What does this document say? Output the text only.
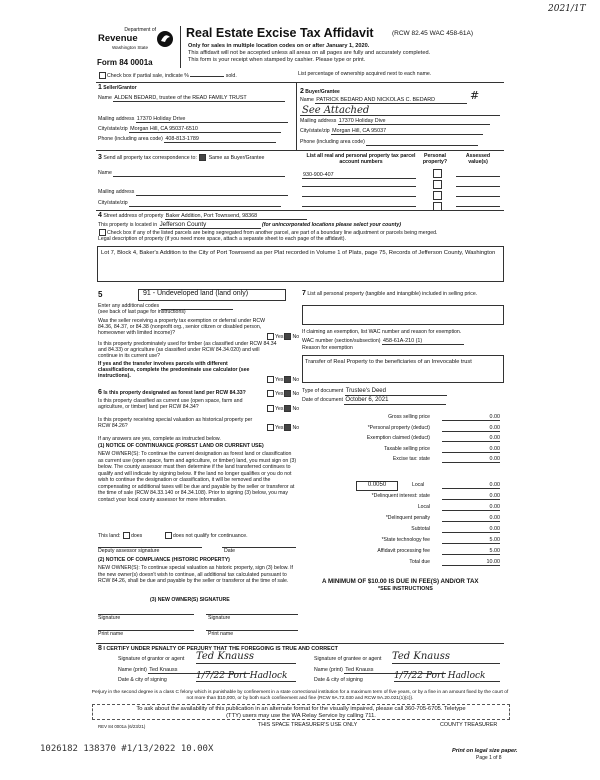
2021/1T
Department of
Revenue
Washington State
Form 84 0001a
Real Estate Excise Tax Affidavit	(RCW 82.45 WAC 458-61A)
Only for sales in multiple location codes on or after January 1, 2020.
This affidavit will not be accepted unless all areas on all pages are fully and accurately completed.
This form is your receipt when stamped by cashier. Please type or print.
Check box if partial sale, indicate %	sold.	List percentage of ownership acquired next to each name.
1 Seller/Grantor
Name ALDEN BEDARD, trustee of the READ FAMILY TRUST
Mailing address 17370 Holiday Drive
City/state/zip Morgan Hill, CA 95037-6510
Phone (including area code) 408-813-1789
2 Buyer/Grantee
Name PATRICK BEDARD AND NICKOLAS C. BEDARD	#
See Attached
Mailing address 17370 Holiday Dive
City/state/zip Morgan Hill, CA 95037
Phone (including area code)
3 Send all property tax correspondence to: Same as Buyer/Grantee
Name
Mailing address
City/state/zip
List all real and personal property tax parcel account numbers
Personal property?
Assessed value(s)
930-900-407
4 Street address of property Baker Addition, Port Townsend, 98368
This property is located in Jefferson County	(for unincorporated locations please select your county)
Check box if any of the listed parcels are being segregated from another parcel, are part of a boundary line adjustment or parcels being merged.
Legal description of property (if you need more space, attach a separate sheet to each page of the affidavit).
Lot 7, Block 4, Baker's Addition to the City of Port Townsend as per Plat recorded in Volume 1 of Plats, page 75, Records of Jefferson County, Washington
5	91 - Undeveloped land (land only)
Enter any additional codes
(see back of last page for instructions)
Was the seller receiving a property tax exemption or deferral under RCW 84.36, 84.37, or 84.38 (nonprofit org., senior citizen or disabled person, homeowner with limited income)?
Yes No
Is this property predominately used for timber (as classified under RCW 84.34 and 84.33) or agriculture (as classified under RCW 84.34.020) and will continue in its current use?
If yes and the transfer involves parcels with different classifications, complete the predominate use calculator (see instructions).
Yes No
6 Is this property designated as forest land per RCW 84.33?	Yes No
Is this property classified as current use (open space, farm and agriculture, or timber) land per RCW 84.34?	Yes No
Is this property receiving special valuation as historical property per RCW 84.26?	Yes No
If any answers are yes, complete as instructed below.
(1) NOTICE OF CONTINUANCE (FOREST LAND OR CURRENT USE)
NEW OWNER(S): To continue the current designation as forest land or classification as current use (open space, farm and agriculture, or timber) land, you must sign on (3) below. The county assessor must then determine if the land transferred continues to qualify and will indicate by signing below. If the land no longer qualifies or you do not wish to continue the designation or classification, it will be removed and the compensating or additional taxes will be due and payable by the seller or transferor at the time of sale (RCW 84.33.140 or 84.34.108). Prior to signing (3) below, you may contact your local county assessor for more information.
This land: does	does not qualify for continuance.
Deputy assessor signature	Date
(2) NOTICE OF COMPLIANCE (HISTORIC PROPERTY)
NEW OWNER(S): To continue special valuation as historic property, sign (3) below. If the new owner(s) doesn't wish to continue, all additional tax calculated pursuant to RCW 84.26, shall be due and payable by the seller or transferor at the time of sale.
(3) NEW OWNER(S) SIGNATURE
Signature	Signature
Print name	Print name
7 List all personal property (tangible and intangible) included in selling price.
If claiming an exemption, list WAC number and reason for exemption.
WAC number (section/subsection) 458-61A-210 (1)
Reason for exemption
Transfer of Real Property to the beneficiaries of an Irrevocable trust
Type of document Trustee's Deed
Date of document October 6, 2021
Gross selling price	0.00
*Personal property (deduct)	0.00
Exemption claimed (deduct)	0.00
Taxable selling price	0.00
Excise tax: state	0.00
*Delinquent interest: state	0.00
Local	0.00
*Delinquent penalty	0.00
Subtotal	0.00
*State technology fee	5.00
Affidavit processing fee	5.00
Total due	10.00
0.0050	Local	0.00
A MINIMUM OF $10.00 IS DUE IN FEE(S) AND/OR TAX
*SEE INSTRUCTIONS
8 I CERTIFY UNDER PENALTY OF PERJURY THAT THE FOREGOING IS TRUE AND CORRECT
Signature of grantor or agent Ted Knauss
Name (print) Ted Knauss
Date & city of signing	1/7/22 Port Hadlock
Signature of grantee or agent Ted Knauss
Name (print) Ted Knauss
Date & city of signing	1/7/22 Port Hadlock
Perjury in the second degree is a class C felony which is punishable by confinement in a state correctional institution for a maximum term of five years, or by a fine in an amount fixed by the court of not more than $10,000, or by both such confinement and fine (RCW 9A.72.030 and RCW 9A.20.021(1)(c)).
To ask about the availability of this publication in an alternate format for the visually impaired, please call 360-705-6705. Teletype
(TTY) users may use the WA Relay Service by calling 711.
REV 84 0001a (6/23/21)	THIS SPACE TREASURER'S USE ONLY	COUNTY TREASURER
1026182 138370 #1/13/2022 10.00X	Print on legal size paper.
Page 1 of 8
